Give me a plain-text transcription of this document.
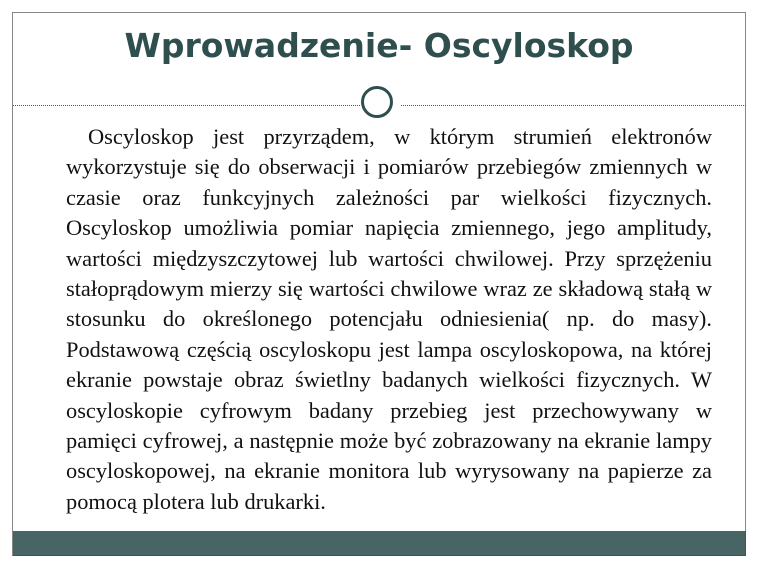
Wprowadzenie- Oscyloskop

Oscyloskop jest przyrządem, w którym strumień elektronów wykorzystuje się do obserwacji i pomiarów przebiegów zmiennych w czasie oraz funkcyjnych zależności par wielkości fizycznych. Oscyloskop umożliwia pomiar napięcia zmiennego, jego amplitudy, wartości międzyszczytowej lub wartości chwilowej. Przy sprzężeniu stałoprądowym mierzy się wartości chwilowe wraz ze składową stałą w stosunku do określonego potencjału odniesienia( np. do masy). Podstawową częścią oscyloskopu jest lampa oscyloskopowa, na której ekranie powstaje obraz świetlny badanych wielkości fizycznych. W oscyloskopie cyfrowym badany przebieg jest przechowywany w pamięci cyfrowej, a następnie może być zobrazowany na ekranie lampy oscyloskopowej, na ekranie monitora lub wyrysowany na papierze za pomocą plotera lub drukarki.
